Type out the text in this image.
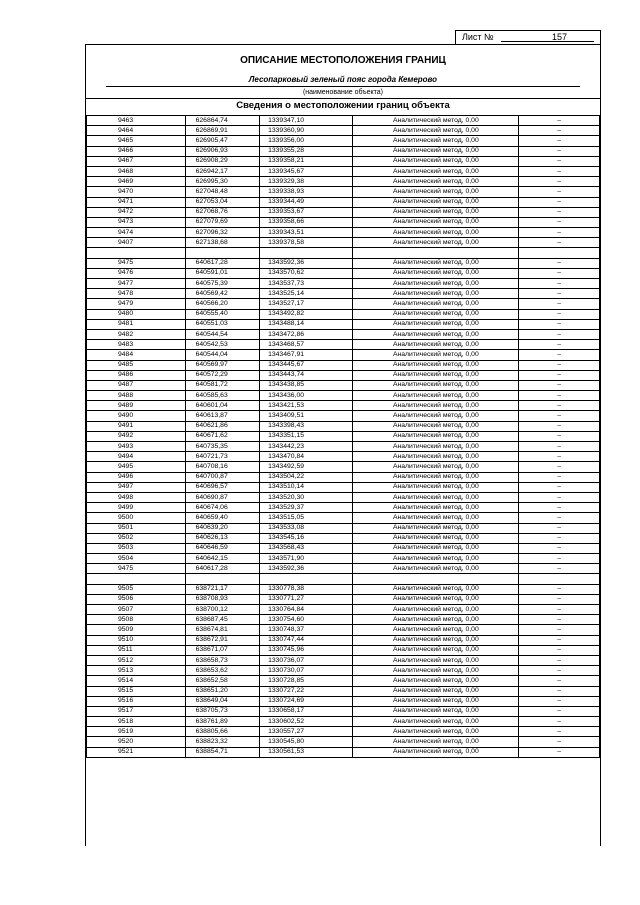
Лист №	157
ОПИСАНИЕ МЕСТОПОЛОЖЕНИЯ ГРАНИЦ
Лесопарковый зеленый пояс города Кемерово
(наименование объекта)
Сведения о местоположении границ объекта
9463	626864,74	1339347,10	Аналитический метод, 0,00	–
9464	626869,91	1339360,90	Аналитический метод, 0,00	–
9465	626905,47	1339356,00	Аналитический метод, 0,00	–
9466	626906,93	1339355,28	Аналитический метод, 0,00	–
9467	626908,29	1339358,21	Аналитический метод, 0,00	–
9468	626942,17	1339345,67	Аналитический метод, 0,00	–
9469	626995,30	1339329,38	Аналитический метод, 0,00	–
9470	627048,48	1339338,93	Аналитический метод, 0,00	–
9471	627053,04	1339344,49	Аналитический метод, 0,00	–
9472	627068,76	1339353,67	Аналитический метод, 0,00	–
9473	627079,69	1339358,66	Аналитический метод, 0,00	–
9474	627096,32	1339343,51	Аналитический метод, 0,00	–
9407	627138,68	1339378,58	Аналитический метод, 0,00	–

9475	640617,28	1343592,36	Аналитический метод, 0,00	–
9476	640591,01	1343570,62	Аналитический метод, 0,00	–
9477	640575,39	1343537,73	Аналитический метод, 0,00	–
9478	640569,42	1343525,14	Аналитический метод, 0,00	–
9479	640566,20	1343527,17	Аналитический метод, 0,00	–
9480	640555,40	1343492,82	Аналитический метод, 0,00	–
9481	640551,03	1343488,14	Аналитический метод, 0,00	–
9482	640544,54	1343472,86	Аналитический метод, 0,00	–
9483	640542,53	1343468,57	Аналитический метод, 0,00	–
9484	640544,04	1343467,91	Аналитический метод, 0,00	–
9485	640569,97	1343445,67	Аналитический метод, 0,00	–
9486	640572,29	1343443,74	Аналитический метод, 0,00	–
9487	640581,72	1343438,85	Аналитический метод, 0,00	–
9488	640585,63	1343436,00	Аналитический метод, 0,00	–
9489	640601,04	1343421,53	Аналитический метод, 0,00	–
9490	640613,87	1343409,51	Аналитический метод, 0,00	–
9491	640621,86	1343398,43	Аналитический метод, 0,00	–
9492	640671,62	1343351,15	Аналитический метод, 0,00	–
9493	640735,35	1343442,23	Аналитический метод, 0,00	–
9494	640721,73	1343470,84	Аналитический метод, 0,00	–
9495	640708,16	1343492,59	Аналитический метод, 0,00	–
9496	640700,87	1343504,22	Аналитический метод, 0,00	–
9497	640696,57	1343510,14	Аналитический метод, 0,00	–
9498	640690,87	1343520,30	Аналитический метод, 0,00	–
9499	640674,06	1343529,37	Аналитический метод, 0,00	–
9500	640659,40	1343515,05	Аналитический метод, 0,00	–
9501	640639,20	1343533,08	Аналитический метод, 0,00	–
9502	640626,13	1343545,16	Аналитический метод, 0,00	–
9503	640646,59	1343568,43	Аналитический метод, 0,00	–
9504	640642,15	1343571,90	Аналитический метод, 0,00	–
9475	640617,28	1343592,36	Аналитический метод, 0,00	–

9505	638721,17	1330778,38	Аналитический метод, 0,00	–
9506	638708,93	1330771,27	Аналитический метод, 0,00	–
9507	638700,12	1330764,84	Аналитический метод, 0,00	–
9508	638687,45	1330754,60	Аналитический метод, 0,00	–
9509	638674,81	1330748,37	Аналитический метод, 0,00	–
9510	638672,91	1330747,44	Аналитический метод, 0,00	–
9511	638671,07	1330745,96	Аналитический метод, 0,00	–
9512	638658,73	1330736,07	Аналитический метод, 0,00	–
9513	638653,62	1330730,07	Аналитический метод, 0,00	–
9514	638652,58	1330728,85	Аналитический метод, 0,00	–
9515	638651,20	1330727,22	Аналитический метод, 0,00	–
9516	638649,04	1330724,69	Аналитический метод, 0,00	–
9517	638705,73	1330658,17	Аналитический метод, 0,00	–
9518	638761,89	1330602,52	Аналитический метод, 0,00	–
9519	638805,66	1330557,27	Аналитический метод, 0,00	–
9520	638823,32	1330545,80	Аналитический метод, 0,00	–
9521	638854,71	1330561,53	Аналитический метод, 0,00	–
